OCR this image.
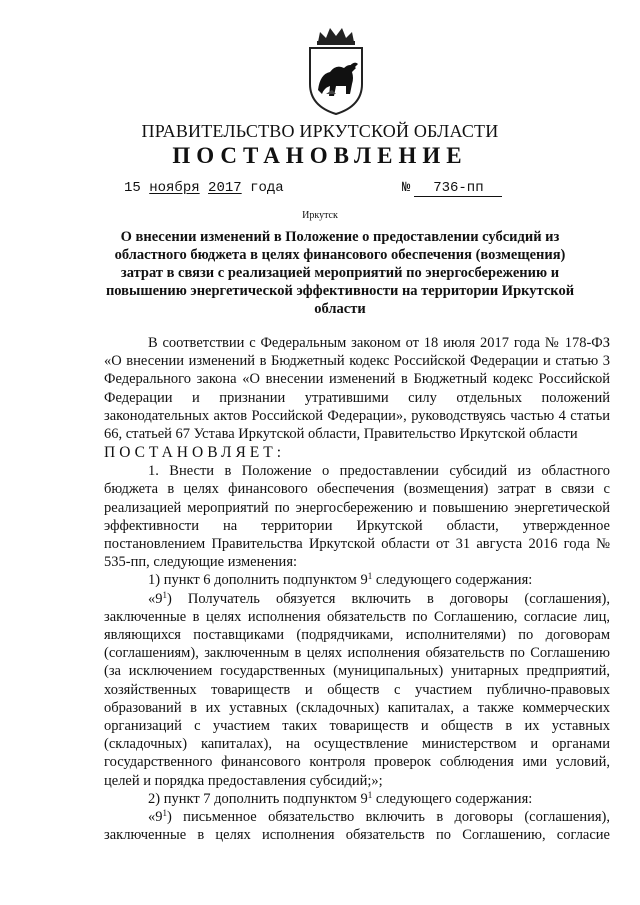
ПРАВИТЕЛЬСТВО ИРКУТСКОЙ ОБЛАСТИ
ПОСТАНОВЛЕНИЕ
15 ноября 2017 года	№ 736-пп
Иркутск
О внесении изменений в Положение о предоставлении субсидий из областного бюджета в целях финансового обеспечения (возмещения) затрат в связи с реализацией мероприятий по энергосбережению и повышению энергетической эффективности на территории Иркутской области

В соответствии с Федеральным законом от 18 июля 2017 года № 178-ФЗ «О внесении изменений в Бюджетный кодекс Российской Федерации и статью 3 Федерального закона «О внесении изменений в Бюджетный кодекс Российской Федерации и признании утратившими силу отдельных положений законодательных актов Российской Федерации», руководствуясь частью 4 статьи 66, статьей 67 Устава Иркутской области, Правительство Иркутской области

ПОСТАНОВЛЯЕТ:

1. Внести в Положение о предоставлении субсидий из областного бюджета в целях финансового обеспечения (возмещения) затрат в связи с реализацией мероприятий по энергосбережению и повышению энергетической эффективности на территории Иркутской области, утвержденное постановлением Правительства Иркутской области от 31 августа 2016 года № 535-пп, следующие изменения:

1) пункт 6 дополнить подпунктом $9^1$ следующего содержания:

«$9^1$) Получатель обязуется включить в договоры (соглашения), заключенные в целях исполнения обязательств по Соглашению, согласие лиц, являющихся поставщиками (подрядчиками, исполнителями) по договорам (соглашениям), заключенным в целях исполнения обязательств по Соглашению (за исключением государственных (муниципальных) унитарных предприятий, хозяйственных товариществ и обществ с участием публично-правовых образований в их уставных (складочных) капиталах, а также коммерческих организаций с участием таких товариществ и обществ в их уставных (складочных) капиталах), на осуществление министерством и органами государственного финансового контроля проверок соблюдения ими условий, целей и порядка предоставления субсидий;»;

2) пункт 7 дополнить подпунктом $9^1$ следующего содержания:

«$9^1$) письменное обязательство включить в договоры (соглашения), заключенные в целях исполнения обязательств по Соглашению, согласие
